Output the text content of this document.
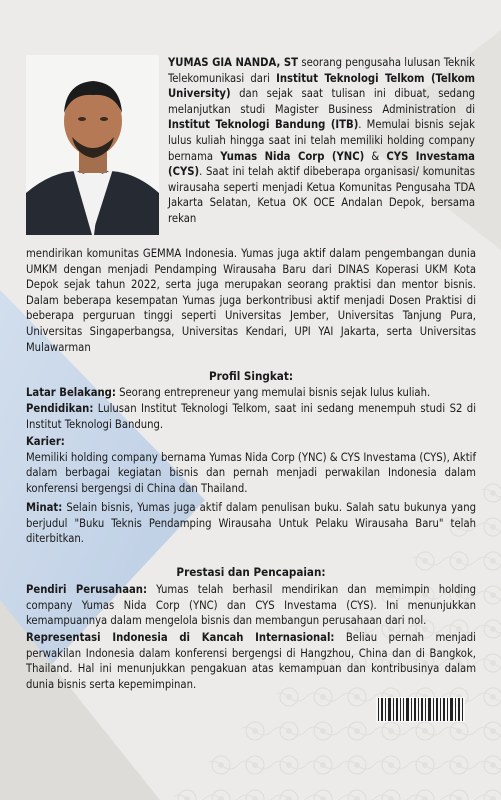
YUMAS GIA NANDA, ST seorang pengusaha lulusan Teknik Telekomunikasi dari Institut Teknologi Telkom (Telkom University) dan sejak saat tulisan ini dibuat, sedang melanjutkan studi Magister Business Administration di Institut Teknologi Bandung (ITB). Memulai bisnis sejak lulus kuliah hingga saat ini telah memiliki holding company bernama Yumas Nida Corp (YNC) & CYS Investama (CYS). Saat ini telah aktif dibeberapa organisasi/ komunitas wirausaha seperti menjadi Ketua Komunitas Pengusaha TDA Jakarta Selatan, Ketua OK OCE Andalan Depok, bersama rekan

mendirikan komunitas GEMMA Indonesia. Yumas juga aktif dalam pengembangan dunia UMKM dengan menjadi Pendamping Wirausaha Baru dari DINAS Koperasi UKM Kota Depok sejak tahun 2022, serta juga merupakan seorang praktisi dan mentor bisnis. Dalam beberapa kesempatan Yumas juga berkontribusi aktif menjadi Dosen Praktisi di beberapa perguruan tinggi seperti Universitas Jember, Universitas Tanjung Pura, Universitas Singaperbangsa, Universitas Kendari, UPI YAI Jakarta, serta Universitas Mulawarman

Profil Singkat:

Latar Belakang: Seorang entrepreneur yang memulai bisnis sejak lulus kuliah.

Pendidikan: Lulusan Institut Teknologi Telkom, saat ini sedang menempuh studi S2 di Institut Teknologi Bandung.

Karier:
Memiliki holding company bernama Yumas Nida Corp (YNC) & CYS Investama (CYS), Aktif dalam berbagai kegiatan bisnis dan pernah menjadi perwakilan Indonesia dalam konferensi bergengsi di China dan Thailand.

Minat: Selain bisnis, Yumas juga aktif dalam penulisan buku. Salah satu bukunya yang berjudul "Buku Teknis Pendamping Wirausaha Untuk Pelaku Wirausaha Baru" telah diterbitkan.

Prestasi dan Pencapaian:

Pendiri Perusahaan: Yumas telah berhasil mendirikan dan memimpin holding company Yumas Nida Corp (YNC) dan CYS Investama (CYS). Ini menunjukkan kemampuannya dalam mengelola bisnis dan membangun perusahaan dari nol.

Representasi Indonesia di Kancah Internasional: Beliau pernah menjadi perwakilan Indonesia dalam konferensi bergengsi di Hangzhou, China dan di Bangkok, Thailand. Hal ini menunjukkan pengakuan atas kemampuan dan kontribusinya dalam dunia bisnis serta kepemimpinan.
